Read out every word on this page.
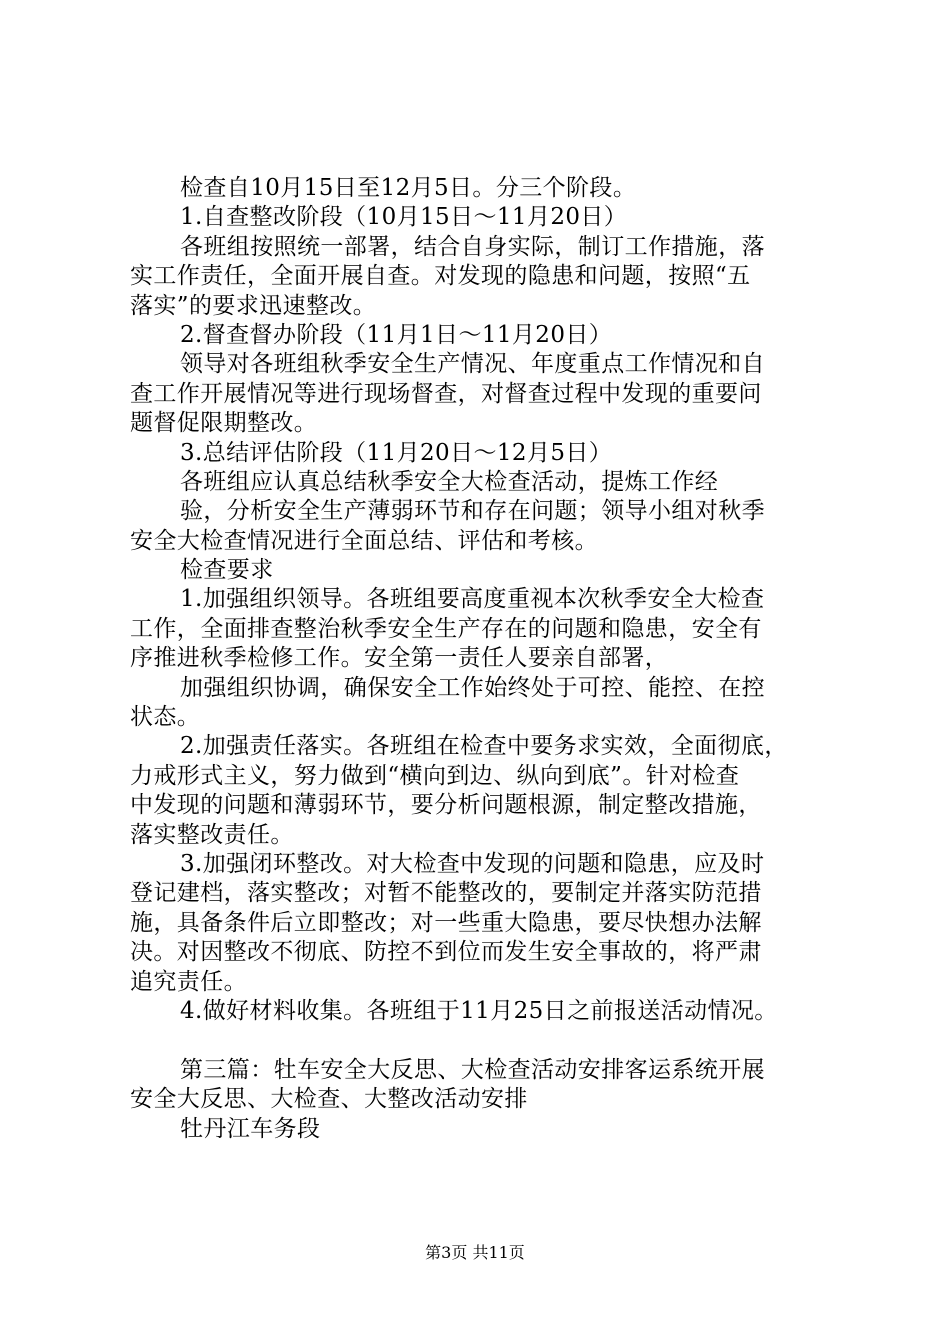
检查自10月15日至12月5日。分三个阶段。
1.自查整改阶段（10月15日～11月20日）
各班组按照统一部署，结合自身实际，制订工作措施，落
实工作责任，全面开展自查。对发现的隐患和问题，按照“五
落实”的要求迅速整改。
2.督查督办阶段（11月1日～11月20日）
领导对各班组秋季安全生产情况、年度重点工作情况和自
查工作开展情况等进行现场督查，对督查过程中发现的重要问
题督促限期整改。
3.总结评估阶段（11月20日～12月5日）
各班组应认真总结秋季安全大检查活动，提炼工作经
验，分析安全生产薄弱环节和存在问题；领导小组对秋季
安全大检查情况进行全面总结、评估和考核。
检查要求
1.加强组织领导。各班组要高度重视本次秋季安全大检查
工作，全面排查整治秋季安全生产存在的问题和隐患，安全有
序推进秋季检修工作。安全第一责任人要亲自部署，
加强组织协调，确保安全工作始终处于可控、能控、在控
状态。
2.加强责任落实。各班组在检查中要务求实效，全面彻底，
力戒形式主义，努力做到“横向到边、纵向到底”。针对检查
中发现的问题和薄弱环节，要分析问题根源，制定整改措施，
落实整改责任。
3.加强闭环整改。对大检查中发现的问题和隐患，应及时
登记建档，落实整改；对暂不能整改的，要制定并落实防范措
施，具备条件后立即整改；对一些重大隐患，要尽快想办法解
决。对因整改不彻底、防控不到位而发生安全事故的，将严肃
追究责任。
4.做好材料收集。各班组于11月25日之前报送活动情况。
第三篇：牡车安全大反思、大检查活动安排客运系统开展
安全大反思、大检查、大整改活动安排
牡丹江车务段
第3页 共11页
